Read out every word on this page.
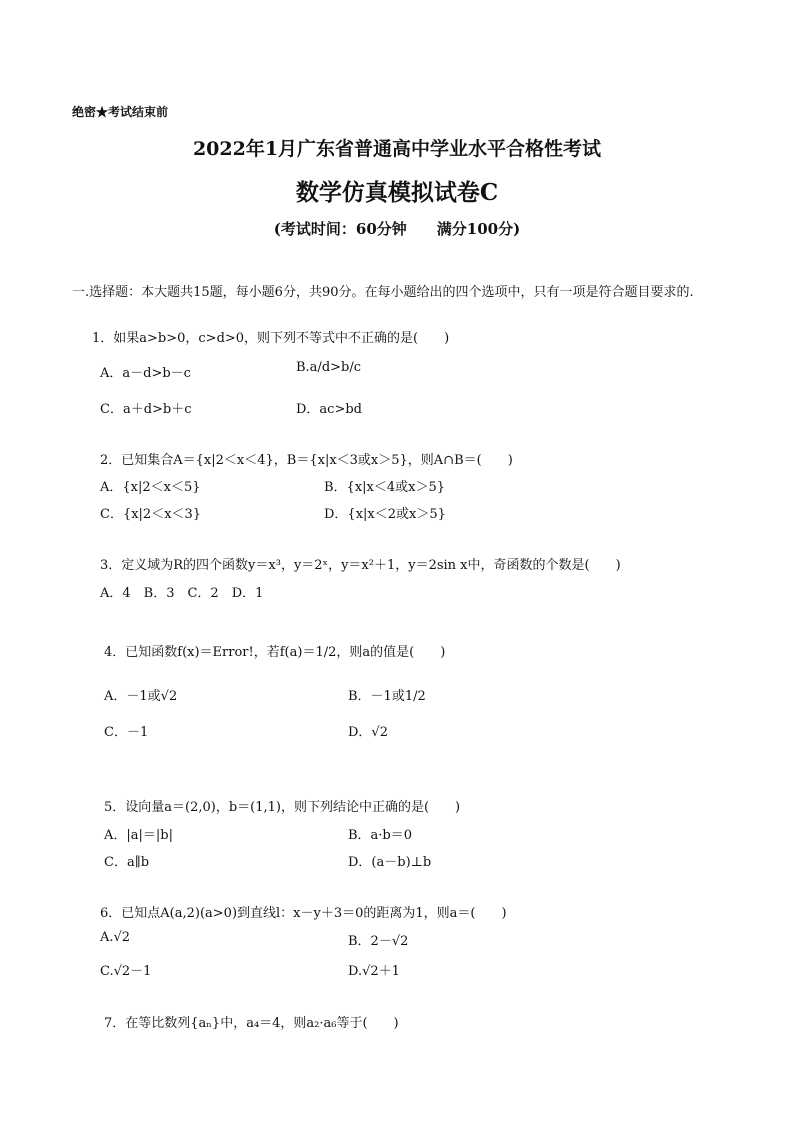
绝密★考试结束前
2022年1月广东省普通高中学业水平合格性考试
数学仿真模拟试卷C
(考试时间：60分钟　　满分100分)
一.选择题：本大题共15题，每小题6分，共90分。在每小题给出的四个选项中，只有一项是符合题目要求的.
1．如果a>b>0，c>d>0，则下列不等式中不正确的是(　　)
A．a－d>b－c	B.a/d>b/c
C．a＋d>b＋c	D．ac>bd
2．已知集合A＝{x|2＜x＜4}，B＝{x|x＜3或x＞5}，则A∩B＝(　　)
A．{x|2＜x＜5}	B．{x|x＜4或x＞5}
C．{x|2＜x＜3}	D．{x|x＜2或x＞5}
3．定义域为R的四个函数y＝x³，y＝2ˣ，y＝x²＋1，y＝2sin x中，奇函数的个数是(　　)
A．4　B．3　C．2　D．1
4．已知函数f(x)＝Error!，若f(a)＝1/2，则a的值是(　　)
A．－1或√2	B．－1或1/2
C．－1	D．√2
5．设向量a＝(2,0)，b＝(1,1)，则下列结论中正确的是(　　)
A．|a|＝|b|	B．a·b＝0
C．a∥b	D．(a－b)⊥b
6．已知点A(a,2)(a>0)到直线l：x－y＋3＝0的距离为1，则a＝(　　)
A.√2	B．2－√2
C.√2－1	D.√2＋1
7．在等比数列{aₙ}中，a₄＝4，则a₂·a₆等于(　　)
